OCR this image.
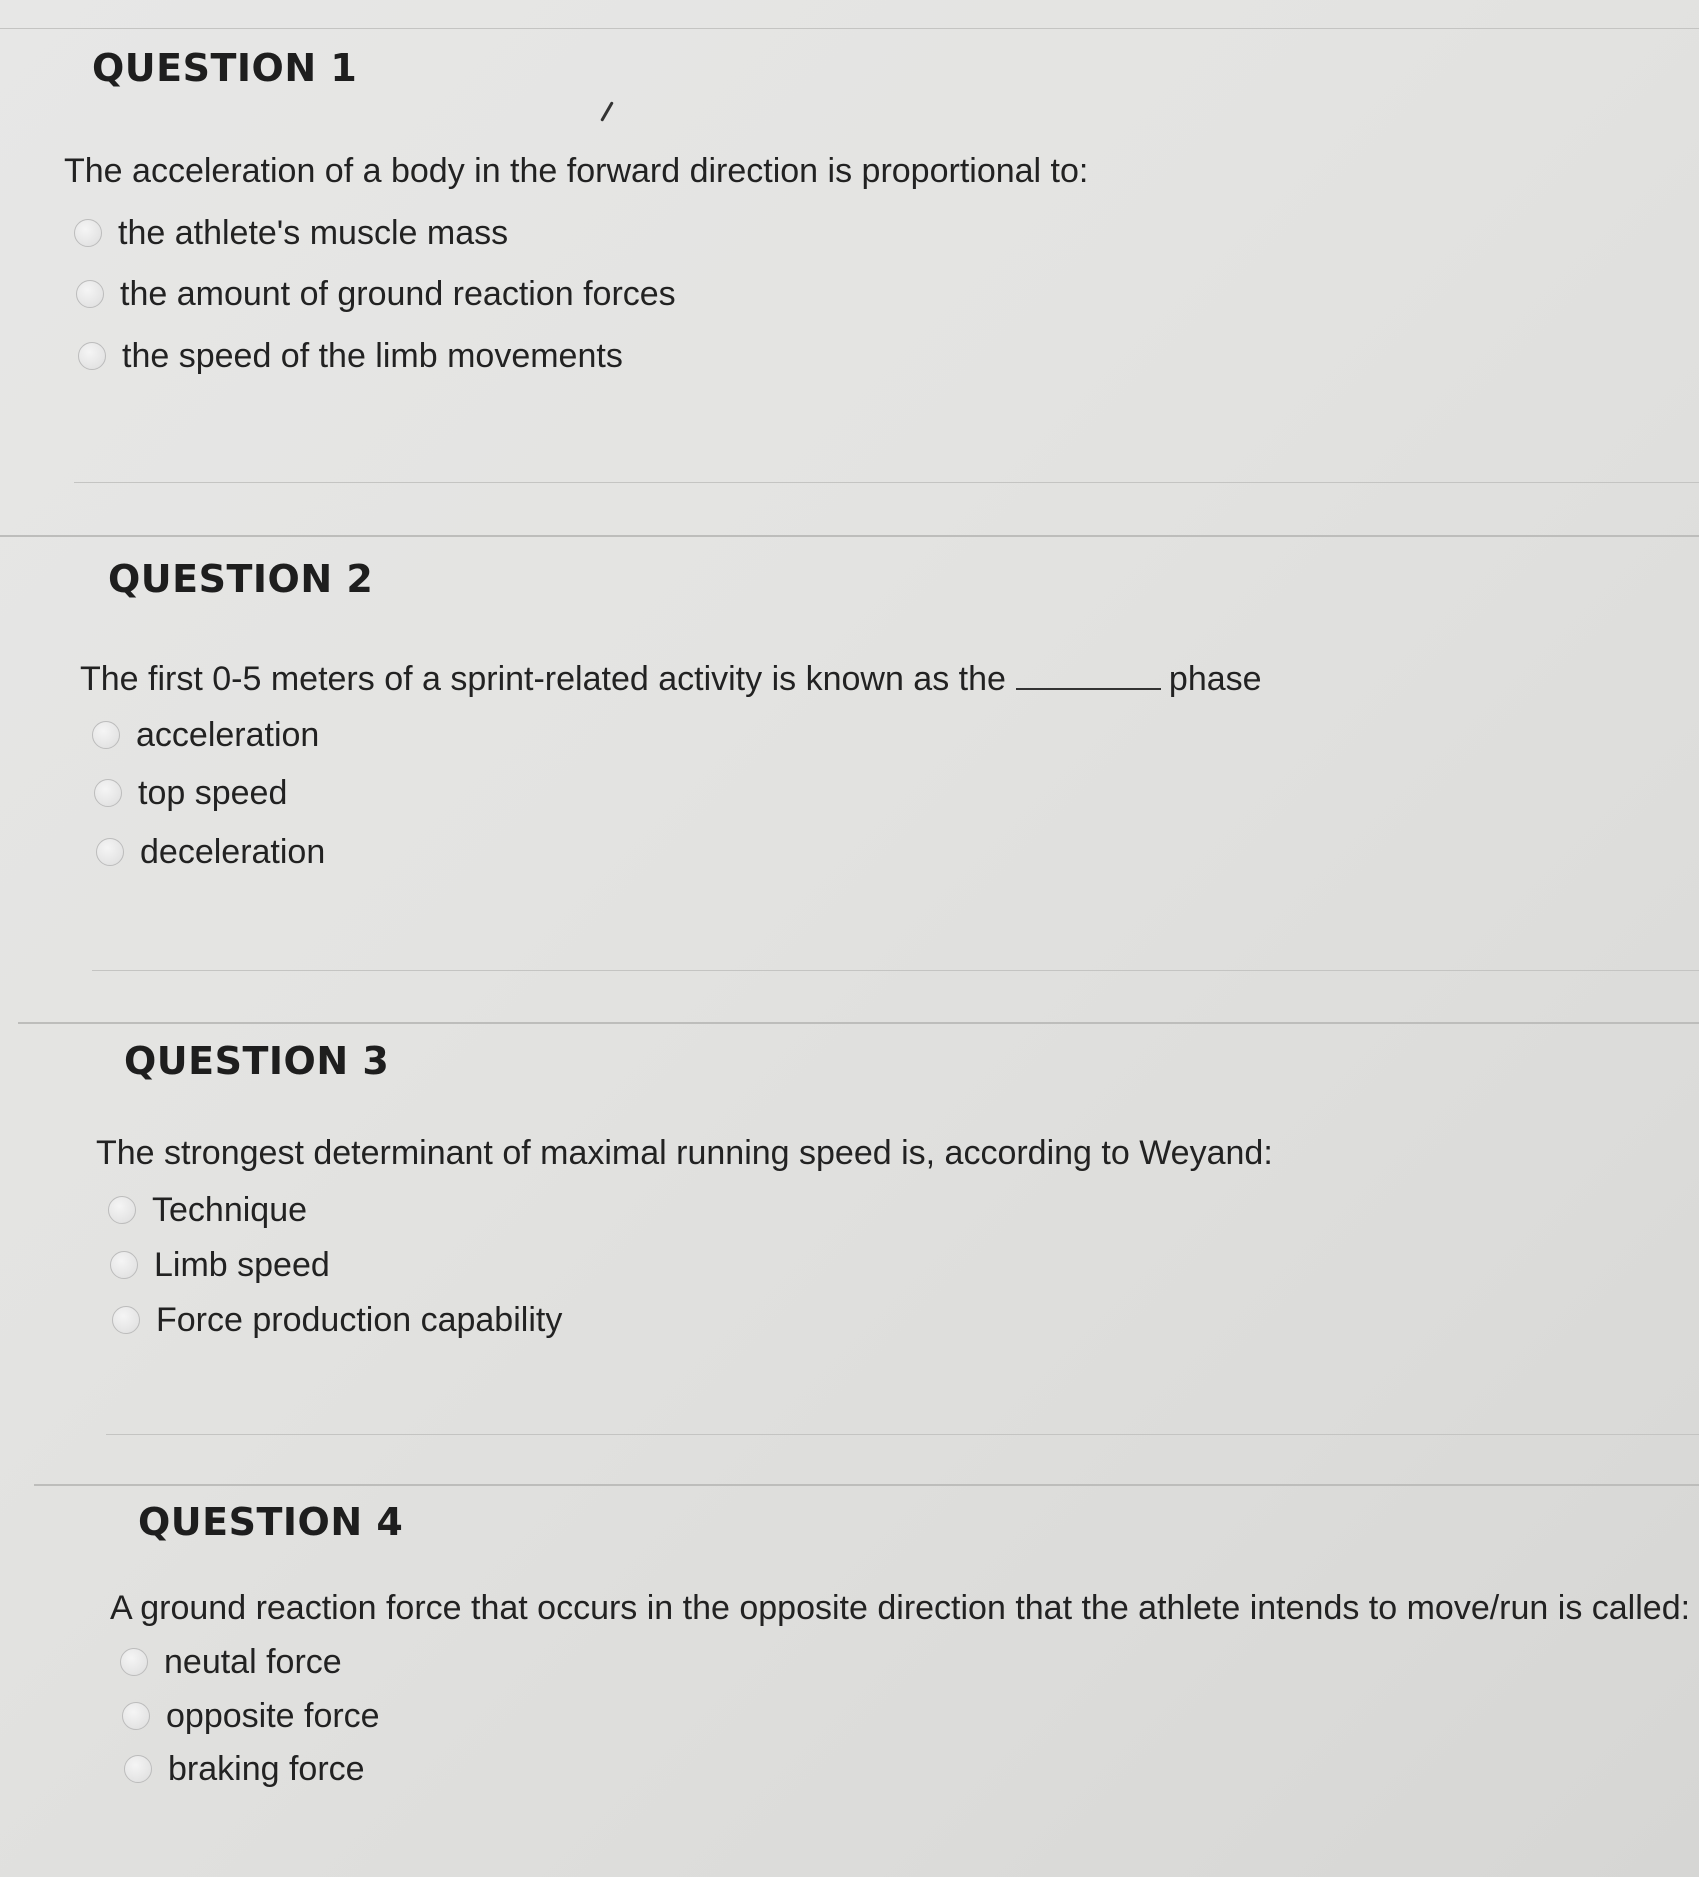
QUESTION 1
The acceleration of a body in the forward direction is proportional to:
the athlete's muscle mass
the amount of ground reaction forces
the speed of the limb movements
QUESTION 2
The first 0-5 meters of a sprint-related activity is known as the	phase
acceleration
top speed
deceleration
QUESTION 3
The strongest determinant of maximal running speed is, according to Weyand:
Technique
Limb speed
Force production capability
QUESTION 4
A ground reaction force that occurs in the opposite direction that the athlete intends to move/run is called:
neutal force
opposite force
braking force
